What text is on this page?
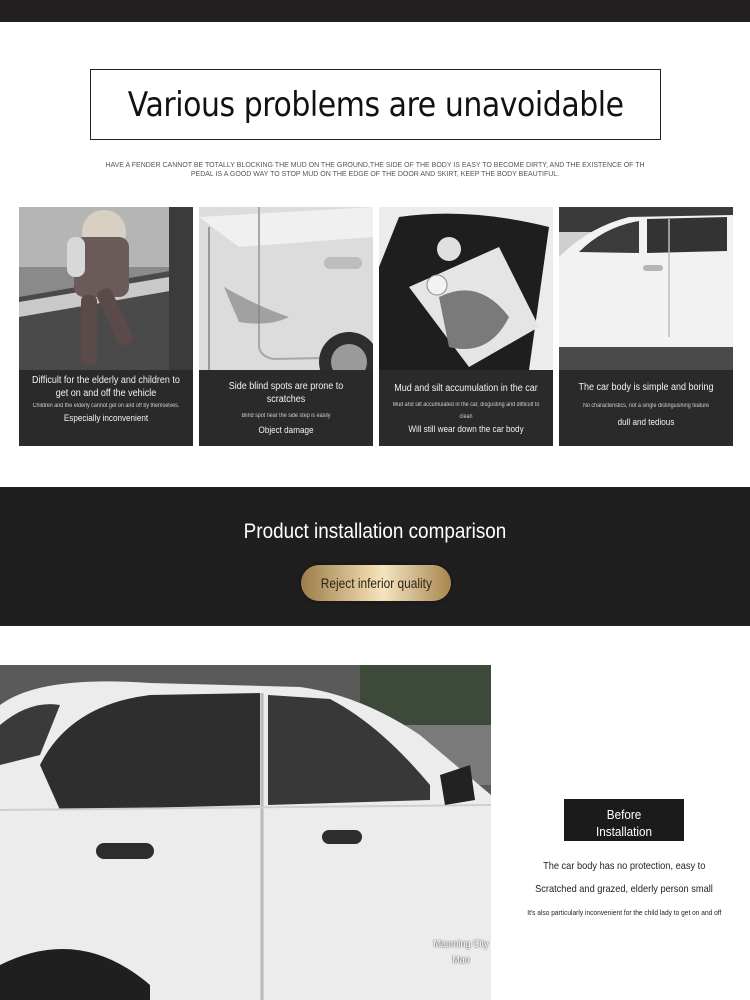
Various problems are unavoidable
HAVE A FENDER CANNOT BE TOTALLY BLOCKING THE MUD ON THE GROUND,THE SIDE OF THE BODY IS EASY TO BECOME DIRTY, AND THE EXISTENCE OF TH
PEDAL IS A GOOD WAY TO STOP MUD ON THE EDGE OF THE DOOR AND SKIRT, KEEP THE BODY BEAUTIFUL.
Difficult for the elderly and children to get on and off the vehicle
Children and the elderly cannot get on and off by themselves.
Especially inconvenient
Side blind spots are prone to scratches
Blind spot near the side step is easily
Object damage
Mud and silt accumulation in the car
Mud and silt accumulated in the car, disgusting and difficult to clean
Will still wear down the car body
The car body is simple and boring
No characteristics, not a single distinguishing feature
dull and tedious
Product installation comparison
Reject inferior quality
Maoming City
Mao
Before
Installation
The car body has no protection, easy to
Scratched and grazed, elderly person small
It's also particularly inconvenient for the child lady to get on and off
